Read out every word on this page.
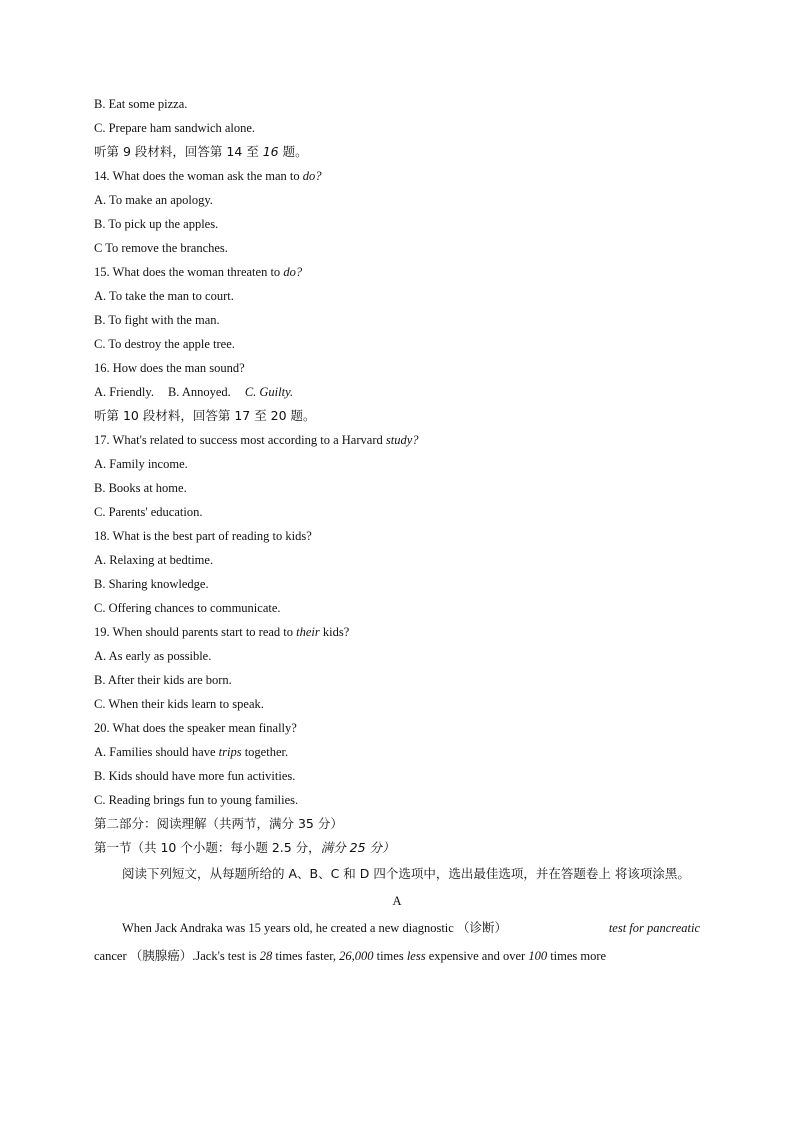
B. Eat some pizza.
C. Prepare ham sandwich alone.
听第 9 段材料，回答第 14 至 16 题。
14. What does the woman ask the man to do?
A. To make an apology.
B. To pick up the apples.
C To remove the branches.
15. What does the woman threaten to do?
A. To take the man to court.
B. To fight with the man.
C. To destroy the apple tree.
16. How does the man sound?
A. Friendly. B. Annoyed. C. Guilty.
听第 10 段材料，回答第 17 至 20 题。
17. What's related to success most according to a Harvard study?
A. Family income.
B. Books at home.
C. Parents' education.
18. What is the best part of reading to kids?
A. Relaxing at bedtime.
B. Sharing knowledge.
C. Offering chances to communicate.
19. When should parents start to read to their kids?
A. As early as possible.
B. After their kids are born.
C. When their kids learn to speak.
20. What does the speaker mean finally?
A. Families should have trips together.
B. Kids should have more fun activities.
C. Reading brings fun to young families.
第二部分：阅读理解（共两节，满分 35 分）
第一节（共 10 个小题：每小题 2.5 分，满分 25 分）
阅读下列短文，从每题所给的 A、B、C 和 D 四个选项中，选出最佳选项，并在答题卷上 将该项涂黑。
A
When Jack Andraka was 15 years old, he created a new diagnostic （诊断）	test for pancreatic
cancer （胰腺癌）.Jack's test is 28 times faster, 26,000 times less expensive and over 100 times more
